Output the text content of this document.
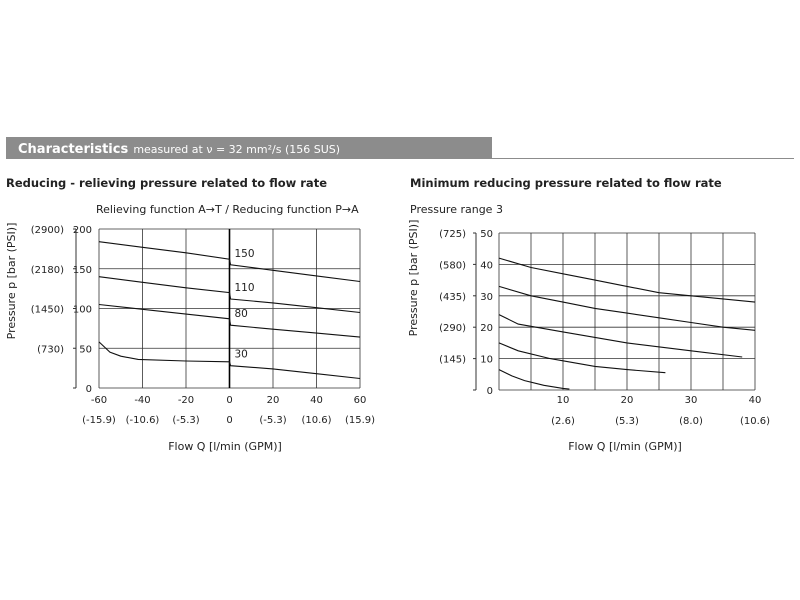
Characteristics measured at ν = 32 mm²/s (156 SUS)
Reducing - relieving pressure related to flow rate
Relieving function A→T / Reducing function P→A
Minimum reducing pressure related to flow rate
Pressure range 3
0
50
(730)
100
(1450)
150
(2180)
200
(2900)
-60	-40	-20	0	20	40	60
(-15.9) (-10.6) (-5.3)	0	(-5.3) (10.6) (15.9)
Flow Q [l/min (GPM)]
Pressure p [bar (PSI)]	150
110
80
30
0
10
(145)
20
(290)
30
(435)
40
(580)
50
(725)
10	20	30	40
(2.6)	(5.3)	(8.0)	(10.6)
Flow Q [l/min (GPM)]
Pressure p [bar (PSI)]
